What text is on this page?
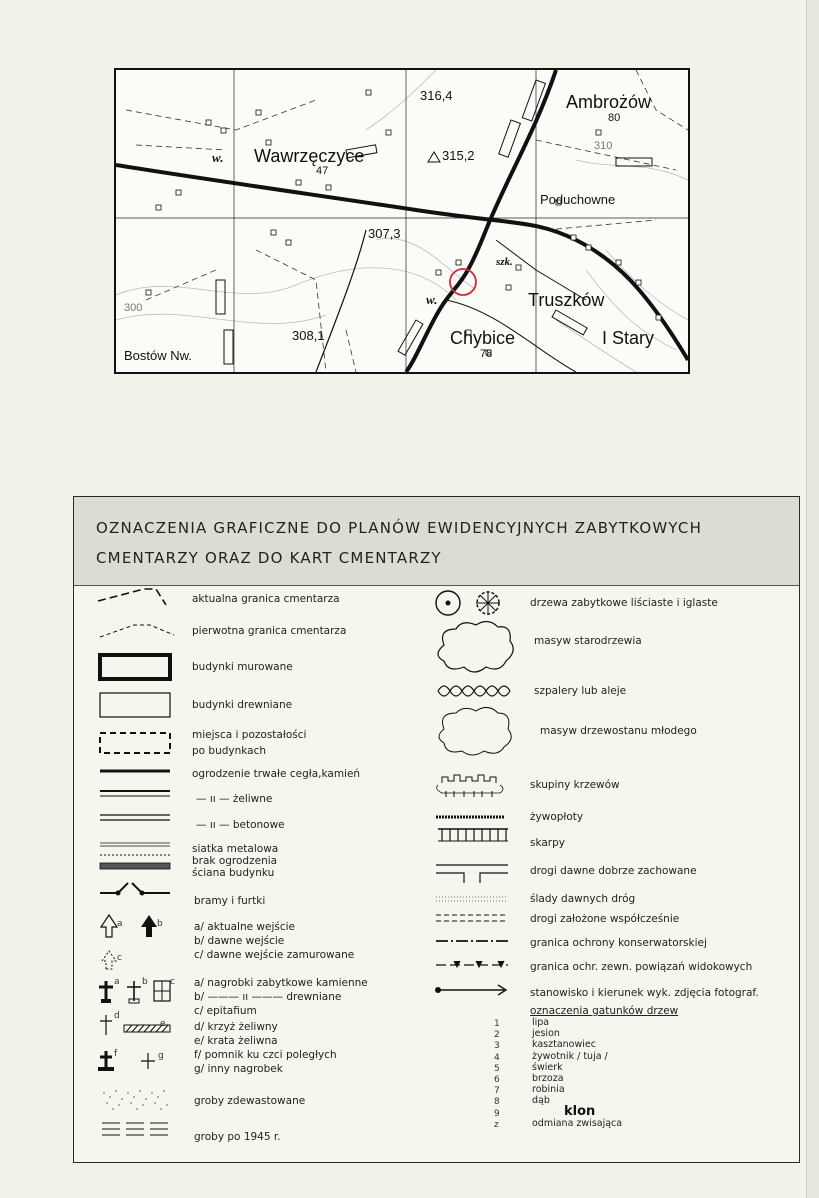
Ambrożów
80
Wawrzęczyce
47
w.
w.
Poduchowne
Truszków
Chybice
78
I Stary
Bostów Nw.
szk.
316,4
315,2
307,3
308,1
300
310
OZNACZENIA GRAFICZNE DO PLANÓW EWIDENCYJNYCH ZABYTKOWYCH
CMENTARZY ORAZ DO KART CMENTARZY
a	b
c
a b c
d
e
f	g
aktualna granica cmentarza
pierwotna granica cmentarza
budynki murowane
budynki drewniane
miejsca i pozostałości
po budynkach
ogrodzenie trwałe cegła,kamień
— ıı — żeliwne
— ıı — betonowe
siatka metalowa
brak ogrodzenia
ściana budynku
bramy i furtki
a/ aktualne wejście
b/ dawne wejście
c/ dawne wejście zamurowane
a/ nagrobki zabytkowe kamienne
b/ ——— ıı ——— drewniane
c/ epitafium
d/ krzyż żeliwny
e/ krata żeliwna
f/ pomnik ku czci poległych
g/ inny nagrobek
groby zdewastowane
groby po 1945 r.
drzewa zabytkowe liściaste i iglaste
masyw starodrzewia
szpalery lub aleje
masyw drzewostanu młodego
skupiny krzewów
żywopłoty
skarpy
drogi dawne dobrze zachowane
ślady dawnych dróg
drogi założone współcześnie
granica ochrony konserwatorskiej
granica ochr. zewn. powiązań widokowych
stanowisko i kierunek wyk. zdjęcia fotograf.
oznaczenia gatunków drzew
1	lipa
2	jesion
3	kasztanowiec
4	żywotnik / tuja /
5	świerk
6	brzoza
7	robinia
8	dąb
9	klon
z	odmiana zwisająca
